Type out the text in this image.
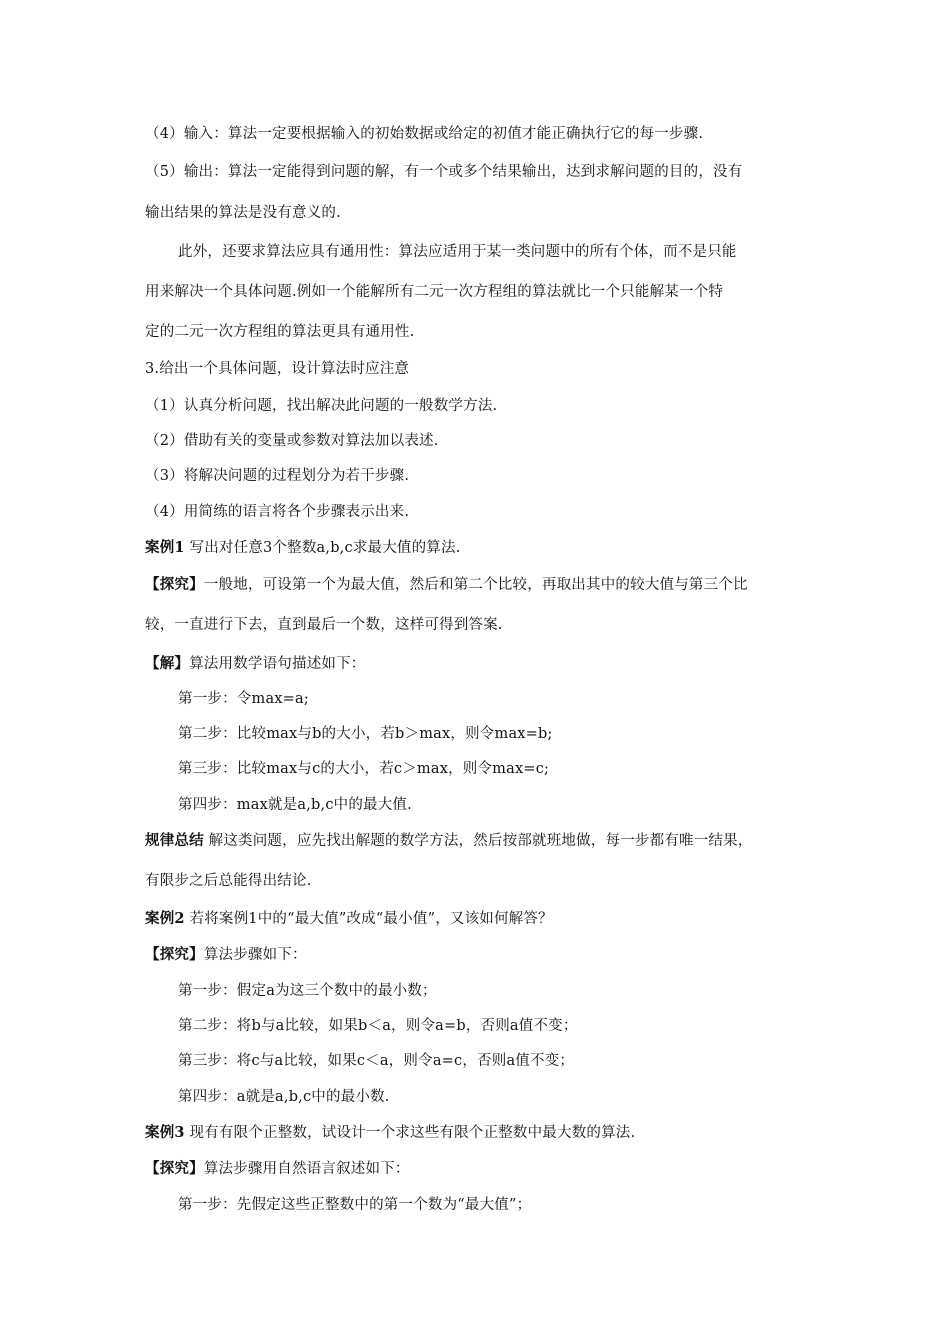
（4）输入：算法一定要根据输入的初始数据或给定的初值才能正确执行它的每一步骤.
（5）输出：算法一定能得到问题的解，有一个或多个结果输出，达到求解问题的目的，没有
输出结果的算法是没有意义的.
此外，还要求算法应具有通用性：算法应适用于某一类问题中的所有个体，而不是只能
用来解决一个具体问题.例如一个能解所有二元一次方程组的算法就比一个只能解某一个特
定的二元一次方程组的算法更具有通用性.
3.给出一个具体问题，设计算法时应注意
（1）认真分析问题，找出解决此问题的一般数学方法.
（2）借助有关的变量或参数对算法加以表述.
（3）将解决问题的过程划分为若干步骤.
（4）用简练的语言将各个步骤表示出来.
案例1 写出对任意3个整数a,b,c求最大值的算法.
【探究】一般地，可设第一个为最大值，然后和第二个比较，再取出其中的较大值与第三个比
较，一直进行下去，直到最后一个数，这样可得到答案.
【解】算法用数学语句描述如下：
第一步：令max=a;
第二步：比较max与b的大小，若b＞max，则令max=b;
第三步：比较max与c的大小，若c＞max，则令max=c;
第四步：max就是a,b,c中的最大值.
规律总结 解这类问题，应先找出解题的数学方法，然后按部就班地做，每一步都有唯一结果，
有限步之后总能得出结论.
案例2 若将案例1中的“最大值”改成“最小值”，又该如何解答？
【探究】算法步骤如下：
第一步：假定a为这三个数中的最小数；
第二步：将b与a比较，如果b＜a，则令a=b，否则a值不变；
第三步：将c与a比较，如果c＜a，则令a=c，否则a值不变；
第四步：a就是a,b,c中的最小数.
案例3 现有有限个正整数，试设计一个求这些有限个正整数中最大数的算法.
【探究】算法步骤用自然语言叙述如下：
第一步：先假定这些正整数中的第一个数为“最大值”；
